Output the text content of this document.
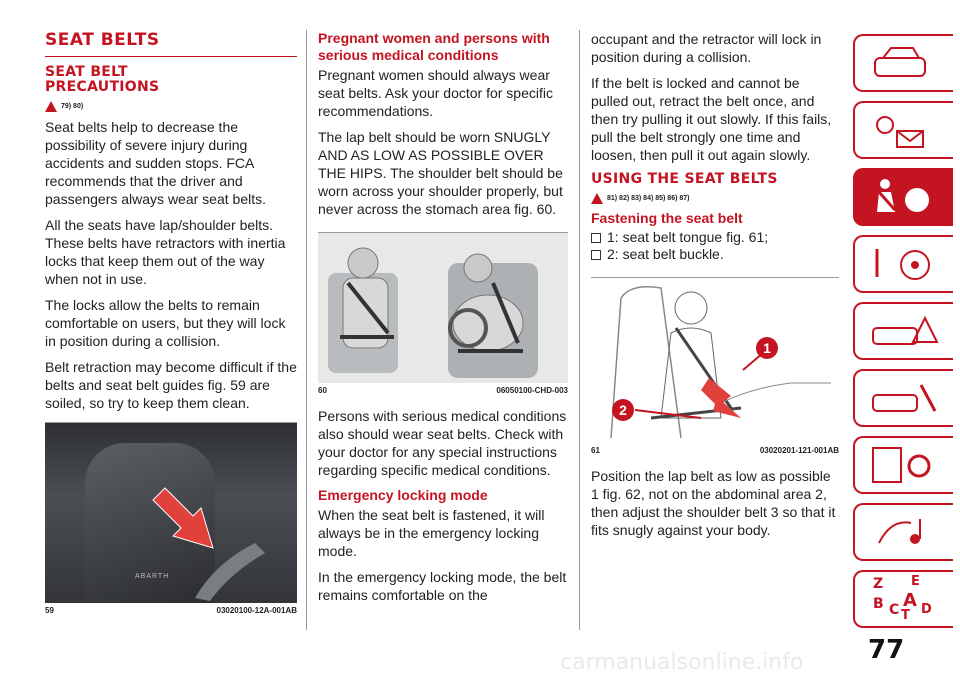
SEAT BELTS
SEAT BELT
PRECAUTIONS
79) 80)

Seat belts help to decrease the possibility of severe injury during accidents and sudden stops. FCA recommends that the driver and passengers always wear seat belts.

All the seats have lap/shoulder belts. These belts have retractors with inertia locks that keep them out of the way when not in use.

The locks allow the belts to remain comfortable on users, but they will lock in position during a collision.

Belt retraction may become difficult if the belts and seat belt guides fig. 59 are soiled, so try to keep them clean.

ABARTH
59	03020100-12A-001AB
Pregnant women and persons with serious medical conditions

Pregnant women should always wear seat belts. Ask your doctor for specific recommendations.

The lap belt should be worn SNUGLY AND AS LOW AS POSSIBLE OVER THE HIPS. The shoulder belt should be worn across your shoulder properly, but never across the stomach area fig. 60.

60	06050100-CHD-003

Persons with serious medical conditions also should wear seat belts. Check with your doctor for any special instructions regarding specific medical conditions.

Emergency locking mode

When the seat belt is fastened, it will always be in the emergency locking mode.

In the emergency locking mode, the belt remains comfortable on the

occupant and the retractor will lock in position during a collision.

If the belt is locked and cannot be pulled out, retract the belt once, and then try pulling it out slowly. If this fails, pull the belt strongly one time and loosen, then pull it out again slowly.

USING THE SEAT BELTS
81) 82) 83) 84) 85) 86) 87)
Fastening the seat belt
1: seat belt tongue fig. 61;
2: seat belt buckle.
1
2
61	03020201-121-001AB

Position the lap belt as low as possible 1 fig. 62, not on the abdominal area 2, then adjust the shoulder belt 3 so that it fits snugly against your body.

Z E
A
B C T D
77
carmanualsonline.info
